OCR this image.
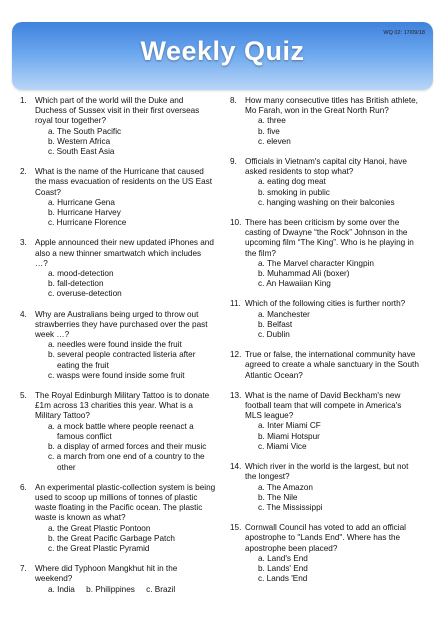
WQ 02: 17/09/18
Weekly Quiz
1. Which part of the world will the Duke and Duchess of Sussex visit in their first overseas royal tour together?
a. The South Pacific
b. Western Africa
c. South East Asia
2. What is the name of the Hurricane that caused the mass evacuation of residents on the US East Coast?
a. Hurricane Gena
b. Hurricane Harvey
c. Hurricane Florence
3. Apple announced their new updated iPhones and also a new thinner smartwatch which includes …?
a. mood-detection
b. fall-detection
c. overuse-detection
4. Why are Australians being urged to throw out strawberries they have purchased over the past week …?
a. needles were found inside the fruit
b. several people contracted listeria after eating the fruit
c. wasps were found inside some fruit
5. The Royal Edinburgh Military Tattoo is to donate £1m across 13 charities this year. What is a Military Tattoo?
a. a mock battle where people reenact a famous conflict
b. a display of armed forces and their music
c. a march from one end of a country to the other
6. An experimental plastic-collection system is being used to scoop up millions of tonnes of plastic waste floating in the Pacific ocean. The plastic waste is known as what?
a. the Great Plastic Pontoon
b. the Great Pacific Garbage Patch
c. the Great Plastic Pyramid
7. Where did Typhoon Mangkhut hit in the weekend?
a. India b. Philippines c. Brazil
8. How many consecutive titles has British athlete, Mo Farah, won in the Great North Run?
a. three
b. five
c. eleven
9. Officials in Vietnam's capital city Hanoi, have asked residents to stop what?
a. eating dog meat
b. smoking in public
c. hanging washing on their balconies
10. There has been criticism by some over the casting of Dwayne “the Rock” Johnson in the upcoming film “The King”. Who is he playing in the film?
a. The Marvel character Kingpin
b. Muhammad Ali (boxer)
c. An Hawaiian King
11. Which of the following cities is further north?
a. Manchester
b. Belfast
c. Dublin
12. True or false, the international community have agreed to create a whale sanctuary in the South Atlantic Ocean?
13. What is the name of David Beckham's new football team that will compete in America's MLS league?
a. Inter Miami CF
b. Miami Hotspur
c. Miami Vice
14. Which river in the world is the largest, but not the longest?
a. The Amazon
b. The Nile
c. The Mississippi
15. Cornwall Council has voted to add an official apostrophe to "Lands End". Where has the apostrophe been placed?
a. Land's End
b. Lands' End
c. Lands 'End
